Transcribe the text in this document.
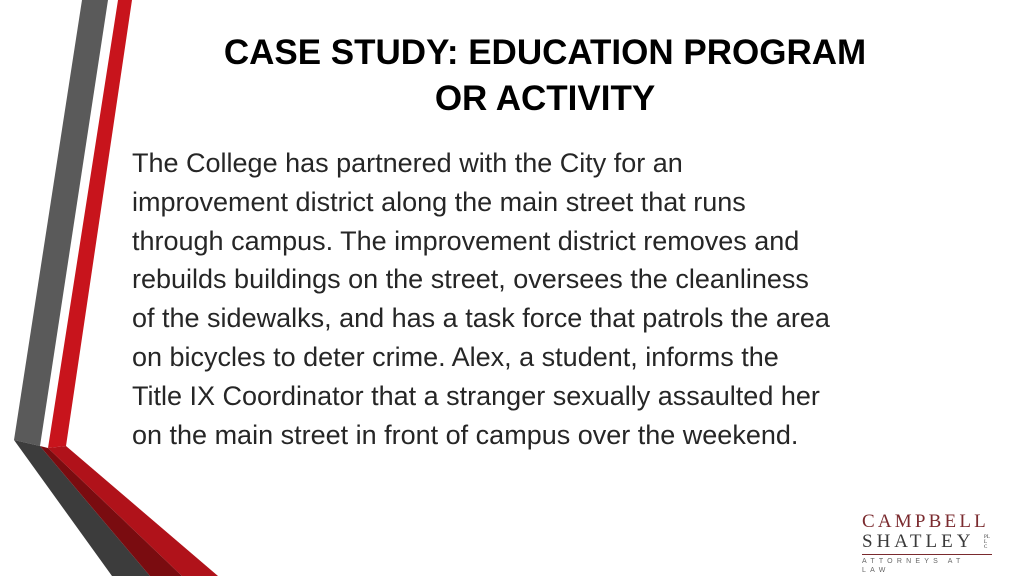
CASE STUDY: EDUCATION PROGRAM
OR ACTIVITY

The College has partnered with the City for an
improvement district along the main street that runs
through campus. The improvement district removes and
rebuilds buildings on the street, oversees the cleanliness
of the sidewalks, and has a task force that patrols the area
on bicycles to deter crime. Alex, a student, informs the
Title IX Coordinator that a stranger sexually assaulted her
on the main street in front of campus over the weekend.

CAMPBELL
SHATLEY PLLC
ATTORNEYS AT LAW
